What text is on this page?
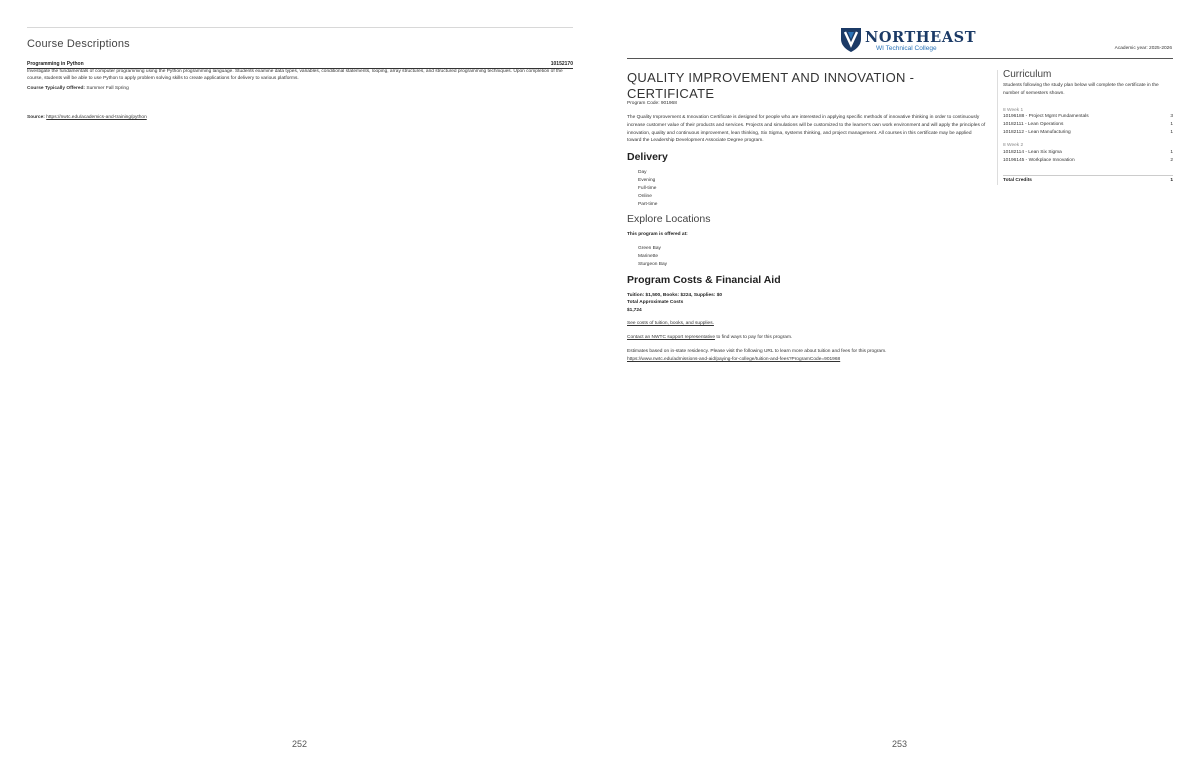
Course Descriptions
Programming in Python	10152170
Investigate the fundamentals of computer programming using the Python programming language. Students examine data types, variables, conditional statements, looping, array structures, and structured programming techniques. Upon completion of the course, students will be able to use Python to apply problem solving skills to create applications for delivery to various platforms.
Course Typically Offered: Summer Fall Spring
Source: https://nwtc.edu/academics-and-training/python
252
NORTHEAST
WI Technical College	Academic year: 2025-2026
QUALITY IMPROVEMENT AND INNOVATION - CERTIFICATE
Program Code: 901968
The Quality Improvement & Innovation Certificate is designed for people who are interested in applying specific methods of innovative thinking in order to continuously increase customer value of their products and services. Projects and simulations will be customized to the learner's own work environment and will apply the principles of innovation, quality and continuous improvement, lean thinking, Six Sigma, systems thinking, and project management. All courses in this certificate may be applied toward the Leadership Development Associate Degree program.
Delivery
Day
Evening
Full-time
Online
Part-time
Explore Locations
This program is offered at:
Green Bay
Marinette
Sturgeon Bay
Program Costs & Financial Aid
Tuition: $1,500, Books: $224, Supplies: $0
Total Approximate Costs
$1,724
See costs of tuition, books, and supplies.
Contact an NWTC support representative to find ways to pay for this program.
Estimates based on in-state residency. Please visit the following URL to learn more about tuition and fees for this program.
https://www.nwtc.edu/admissions-and-aid/paying-for-college/tuition-and-fees?ProgramCode=901968
Curriculum
Students following the study plan below will complete the certificate in the number of semesters shown.
8 Week 1
10196188 - Project Mgmt Fundamentals	3
10182111 - Lean Operations	1
10182112 - Lean Manufacturing	1
8 Week 2
10182114 - Lean Six Sigma	1
10196145 - Workplace Innovation	2
Total Credits	1
253
